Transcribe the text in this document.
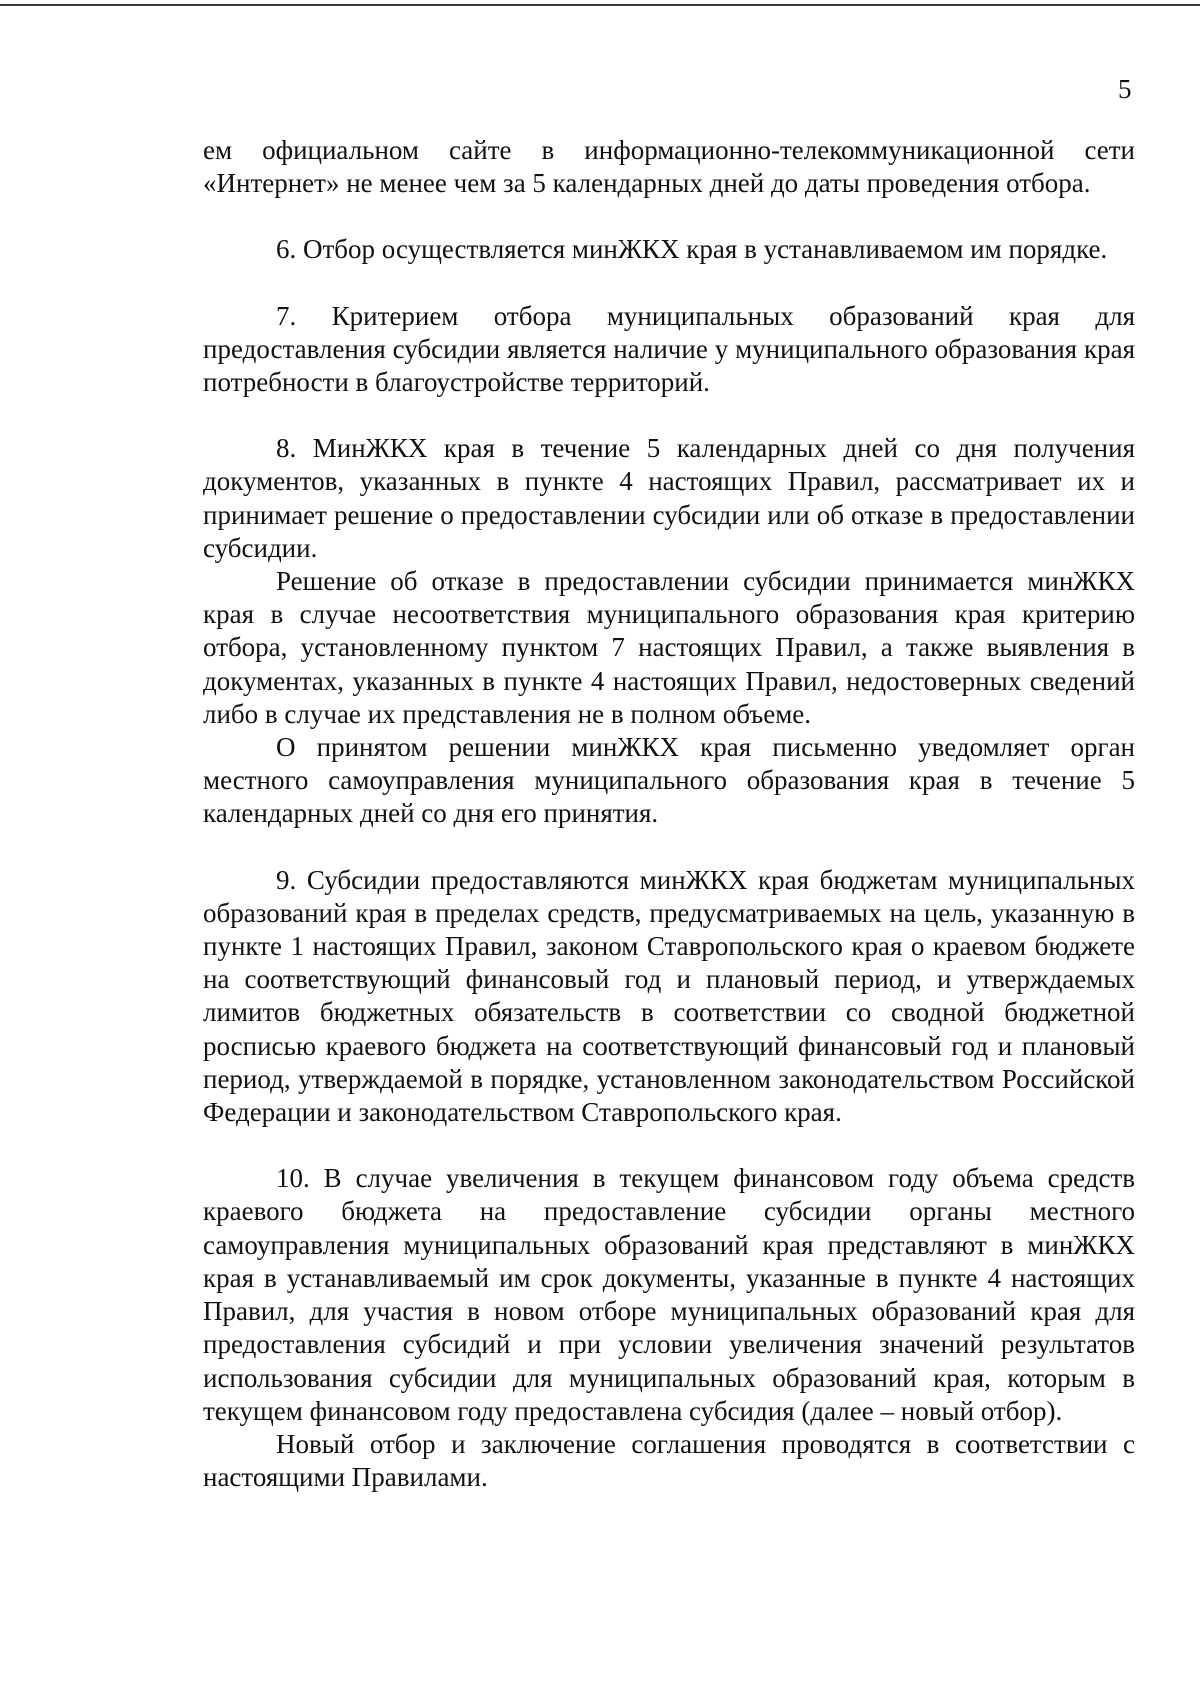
5

ем официальном сайте в информационно-телекоммуникационной сети «Интернет» не менее чем за 5 календарных дней до даты проведения отбора.

6. Отбор осуществляется минЖКХ края в устанавливаемом им порядке.

7. Критерием отбора муниципальных образований края для предоставления субсидии является наличие у муниципального образования края потребности в благоустройстве территорий.

8. МинЖКХ края в течение 5 календарных дней со дня получения документов, указанных в пункте 4 настоящих Правил, рассматривает их и принимает решение о предоставлении субсидии или об отказе в предоставлении субсидии.

Решение об отказе в предоставлении субсидии принимается минЖКХ края в случае несоответствия муниципального образования края критерию отбора, установленному пунктом 7 настоящих Правил, а также выявления в документах, указанных в пункте 4 настоящих Правил, недостоверных сведений либо в случае их представления не в полном объеме.

О принятом решении минЖКХ края письменно уведомляет орган местного самоуправления муниципального образования края в течение 5 календарных дней со дня его принятия.

9. Субсидии предоставляются минЖКХ края бюджетам муниципальных образований края в пределах средств, предусматриваемых на цель, указанную в пункте 1 настоящих Правил, законом Ставропольского края о краевом бюджете на соответствующий финансовый год и плановый период, и утверждаемых лимитов бюджетных обязательств в соответствии со сводной бюджетной росписью краевого бюджета на соответствующий финансовый год и плановый период, утверждаемой в порядке, установленном законодательством Российской Федерации и законодательством Ставропольского края.

10. В случае увеличения в текущем финансовом году объема средств краевого бюджета на предоставление субсидии органы местного самоуправления муниципальных образований края представляют в минЖКХ края в устанавливаемый им срок документы, указанные в пункте 4 настоящих Правил, для участия в новом отборе муниципальных образований края для предоставления субсидий и при условии увеличения значений результатов использования субсидии для муниципальных образований края, которым в текущем финансовом году предоставлена субсидия (далее – новый отбор).

Новый отбор и заключение соглашения проводятся в соответствии с настоящими Правилами.
